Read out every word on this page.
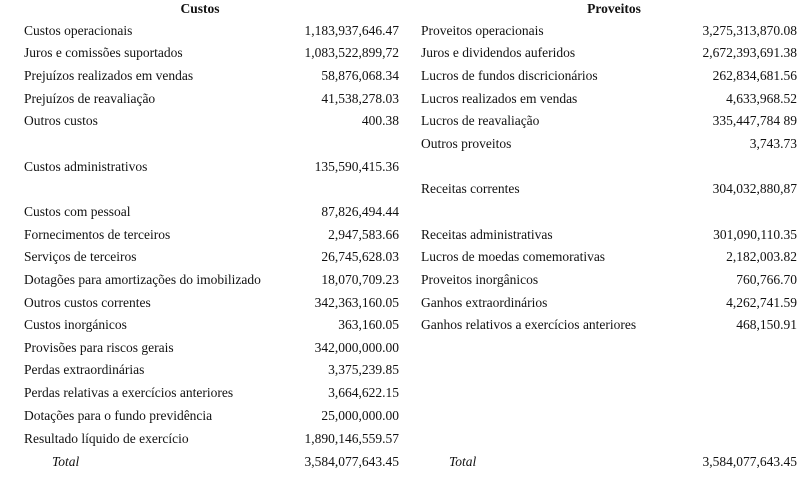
Custos
Custos operacionais	1,183,937,646.47
Juros e comissões suportados	1,083,522,899,72
Prejuízos realizados em vendas	58,876,068.34
Prejuízos de reavaliação	41,538,278.03
Outros custos	400.38
Custos administrativos	135,590,415.36
Custos com pessoal	87,826,494.44
Fornecimentos de terceiros	2,947,583.66
Serviços de terceiros	26,745,628.03
Dotagões para amortizações do imobilizado	18,070,709.23
Outros custos correntes	342,363,160.05
Custos inorgánicos	363,160.05
Provisões para riscos gerais	342,000,000.00
Perdas extraordinárias	3,375,239.85
Perdas relativas a exercícios anteriores	3,664,622.15
Dotações para o fundo previdência	25,000,000.00
Resultado líquido de exercício	1,890,146,559.57
Total	3,584,077,643.45
Proveitos
Proveitos operacionais	3,275,313,870.08
Juros e dividendos auferidos	2,672,393,691.38
Lucros de fundos discricionários	262,834,681.56
Lucros realizados em vendas	4,633,968.52
Lucros de reavaliação	335,447,784 89
Outros proveitos	3,743.73
Receitas correntes	304,032,880,87
Receitas administrativas	301,090,110.35
Lucros de moedas comemorativas	2,182,003.82
Proveitos inorgânicos	760,766.70
Ganhos extraordinários	4,262,741.59
Ganhos relativos a exercícios anteriores	468,150.91
Total	3,584,077,643.45
